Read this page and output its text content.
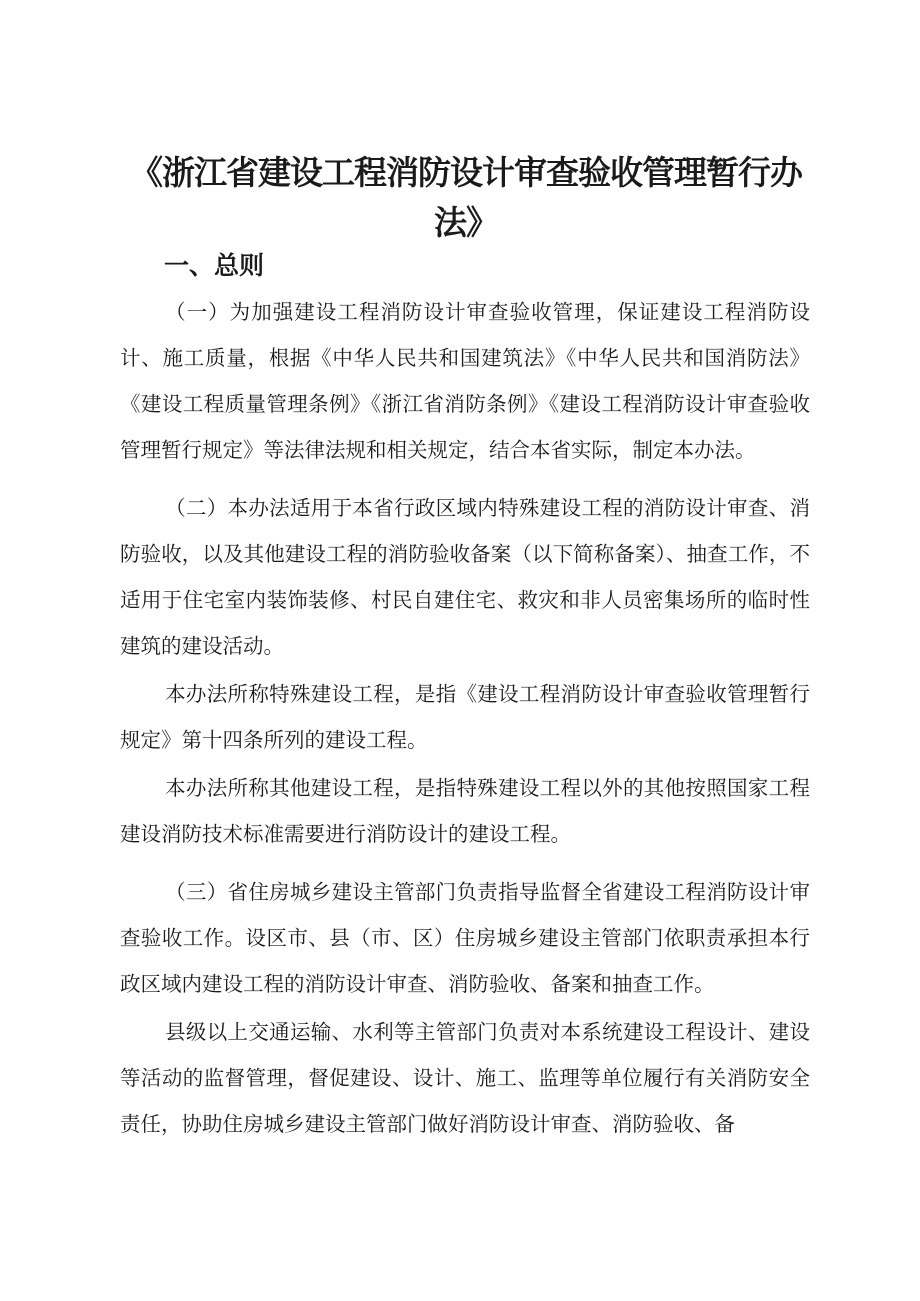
《浙江省建设工程消防设计审查验收管理暂行办法》
一、总则

（一）为加强建设工程消防设计审查验收管理，保证建设工程消防设计、施工质量，根据《中华人民共和国建筑法》《中华人民共和国消防法》《建设工程质量管理条例》《浙江省消防条例》《建设工程消防设计审查验收管理暂行规定》等法律法规和相关规定，结合本省实际，制定本办法。

（二）本办法适用于本省行政区域内特殊建设工程的消防设计审查、消防验收，以及其他建设工程的消防验收备案（以下简称备案）、抽查工作，不适用于住宅室内装饰装修、村民自建住宅、救灾和非人员密集场所的临时性建筑的建设活动。

本办法所称特殊建设工程，是指《建设工程消防设计审查验收管理暂行规定》第十四条所列的建设工程。

本办法所称其他建设工程，是指特殊建设工程以外的其他按照国家工程建设消防技术标准需要进行消防设计的建设工程。

（三）省住房城乡建设主管部门负责指导监督全省建设工程消防设计审查验收工作。设区市、县（市、区）住房城乡建设主管部门依职责承担本行政区域内建设工程的消防设计审查、消防验收、备案和抽查工作。

县级以上交通运输、水利等主管部门负责对本系统建设工程设计、建设等活动的监督管理，督促建设、设计、施工、监理等单位履行有关消防安全责任，协助住房城乡建设主管部门做好消防设计审查、消防验收、备
